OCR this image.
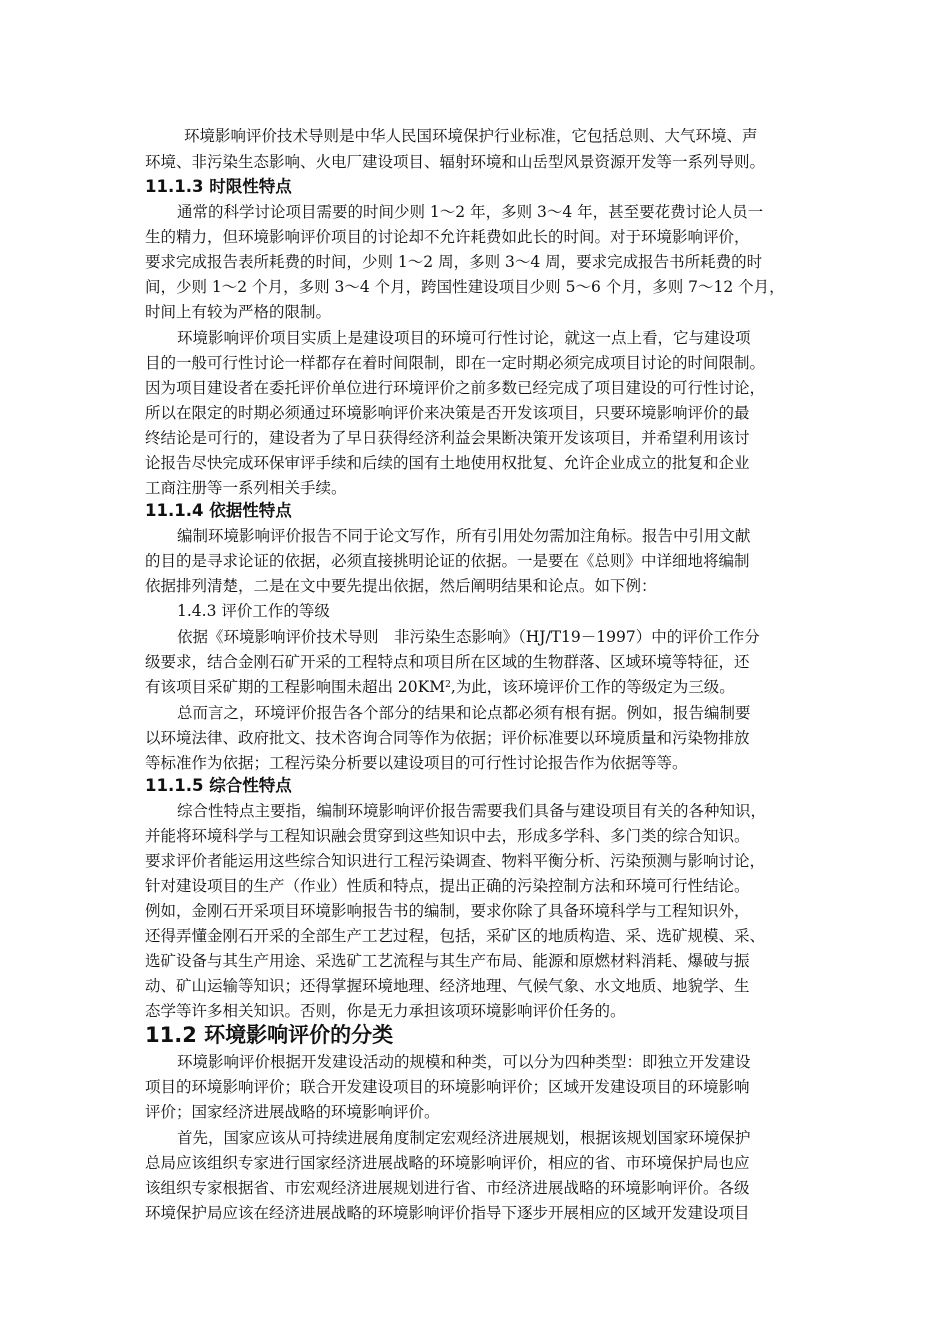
环境影响评价技术导则是中华人民国环境保护行业标准，它包括总则、大气环境、声
环境、非污染生态影响、火电厂建设项目、辐射环境和山岳型风景资源开发等一系列导则。
11.1.3 时限性特点
通常的科学讨论项目需要的时间少则 1～2 年，多则 3～4 年，甚至要花费讨论人员一
生的精力，但环境影响评价项目的讨论却不允许耗费如此长的时间。对于环境影响评价，
要求完成报告表所耗费的时间，少则 1～2 周，多则 3～4 周，要求完成报告书所耗费的时
间，少则 1～2 个月，多则 3～4 个月，跨国性建设项目少则 5～6 个月，多则 7～12 个月，
时间上有较为严格的限制。
环境影响评价项目实质上是建设项目的环境可行性讨论，就这一点上看，它与建设项
目的一般可行性讨论一样都存在着时间限制，即在一定时期必须完成项目讨论的时间限制。
因为项目建设者在委托评价单位进行环境评价之前多数已经完成了项目建设的可行性讨论，
所以在限定的时期必须通过环境影响评价来决策是否开发该项目，只要环境影响评价的最
终结论是可行的，建设者为了早日获得经济利益会果断决策开发该项目，并希望利用该讨
论报告尽快完成环保审评手续和后续的国有土地使用权批复、允许企业成立的批复和企业
工商注册等一系列相关手续。
11.1.4 依据性特点
编制环境影响评价报告不同于论文写作，所有引用处勿需加注角标。报告中引用文献
的目的是寻求论证的依据，必须直接挑明论证的依据。一是要在《总则》中详细地将编制
依据排列清楚，二是在文中要先提出依据，然后阐明结果和论点。如下例：
1.4.3 评价工作的等级
依据《环境影响评价技术导则　非污染生态影响》（HJ/T19－1997）中的评价工作分
级要求，结合金刚石矿开采的工程特点和项目所在区域的生物群落、区域环境等特征，还
有该项目采矿期的工程影响围未超出 $20KM^2$,为此，该环境评价工作的等级定为三级。
总而言之，环境评价报告各个部分的结果和论点都必须有根有据。例如，报告编制要
以环境法律、政府批文、技术咨询合同等作为依据；评价标准要以环境质量和污染物排放
等标准作为依据；工程污染分析要以建设项目的可行性讨论报告作为依据等等。
11.1.5 综合性特点
综合性特点主要指，编制环境影响评价报告需要我们具备与建设项目有关的各种知识，
并能将环境科学与工程知识融会贯穿到这些知识中去，形成多学科、多门类的综合知识。
要求评价者能运用这些综合知识进行工程污染调查、物料平衡分析、污染预测与影响讨论，
针对建设项目的生产（作业）性质和特点，提出正确的污染控制方法和环境可行性结论。
例如，金刚石开采项目环境影响报告书的编制，要求你除了具备环境科学与工程知识外，
还得弄懂金刚石开采的全部生产工艺过程，包括，采矿区的地质构造、采、选矿规模、采、
选矿设备与其生产用途、采选矿工艺流程与其生产布局、能源和原燃材料消耗、爆破与振
动、矿山运输等知识；还得掌握环境地理、经济地理、气候气象、水文地质、地貌学、生
态学等许多相关知识。否则，你是无力承担该项环境影响评价任务的。
11.2 环境影响评价的分类
环境影响评价根据开发建设活动的规模和种类，可以分为四种类型：即独立开发建设
项目的环境影响评价；联合开发建设项目的环境影响评价；区域开发建设项目的环境影响
评价；国家经济进展战略的环境影响评价。
首先，国家应该从可持续进展角度制定宏观经济进展规划，根据该规划国家环境保护
总局应该组织专家进行国家经济进展战略的环境影响评价，相应的省、市环境保护局也应
该组织专家根据省、市宏观经济进展规划进行省、市经济进展战略的环境影响评价。各级
环境保护局应该在经济进展战略的环境影响评价指导下逐步开展相应的区域开发建设项目
